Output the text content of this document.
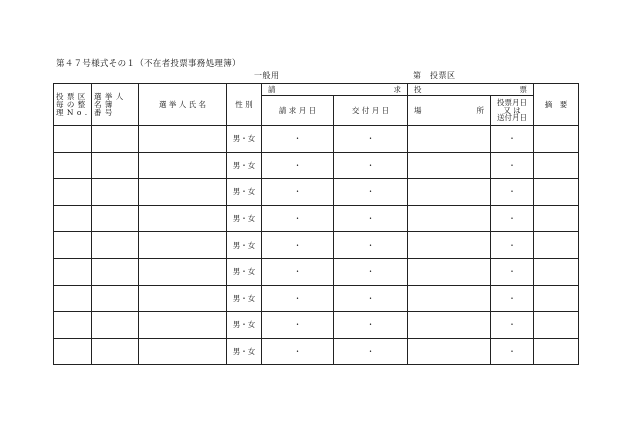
第４７号様式その１（不在者投票事務処理簿）
一般用	第　投票区
投 票 区
毎 の 整
理 N o .	選 挙 人
名 簿
番 号	選 挙 人 氏 名	性 別	請 求		投 票		摘　要
				請 求 月 日	交 付 月 日	場 所	投票月日
又 は
送付月日	

			男・女	・	・		・	
			男・女	・	・		・	
			男・女	・	・		・	
			男・女	・	・		・	
			男・女	・	・		・	
			男・女	・	・		・	
			男・女	・	・		・	
			男・女	・	・		・	
			男・女	・	・		・	
